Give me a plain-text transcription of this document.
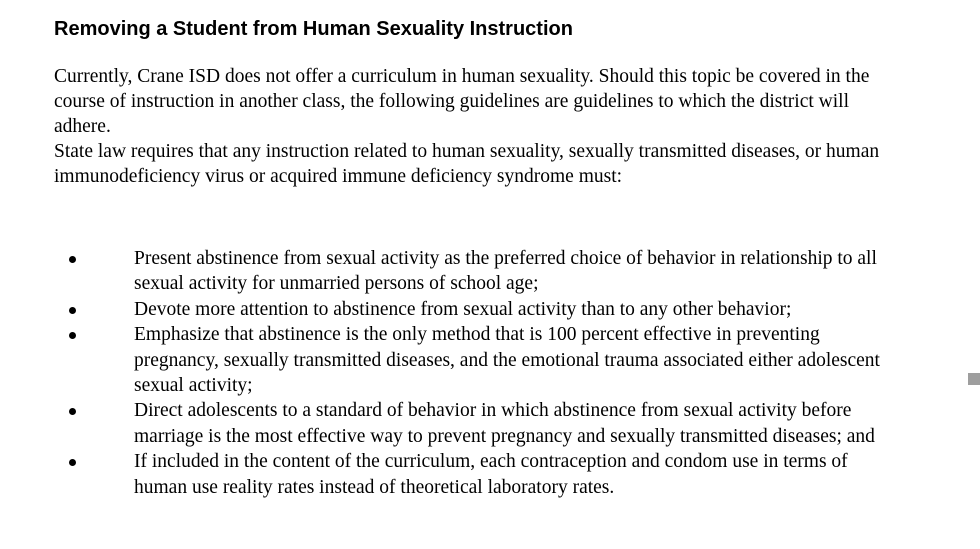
Removing a Student from Human Sexuality Instruction

Currently, Crane ISD does not offer a curriculum in human sexuality. Should this topic be covered in the course of instruction in another class, the following guidelines are guidelines to which the district will adhere.

State law requires that any instruction related to human sexuality, sexually transmitted diseases, or human immunodeficiency virus or acquired immune deficiency syndrome must:

Present abstinence from sexual activity as the preferred choice of behavior in relationship to all sexual activity for unmarried persons of school age;
Devote more attention to abstinence from sexual activity than to any other behavior;
Emphasize that abstinence is the only method that is 100 percent effective in preventing pregnancy, sexually transmitted diseases, and the emotional trauma associated either adolescent sexual activity;
Direct adolescents to a standard of behavior in which abstinence from sexual activity before marriage is the most effective way to prevent pregnancy and sexually transmitted diseases; and
If included in the content of the curriculum, each contraception and condom use in terms of human use reality rates instead of theoretical laboratory rates.
